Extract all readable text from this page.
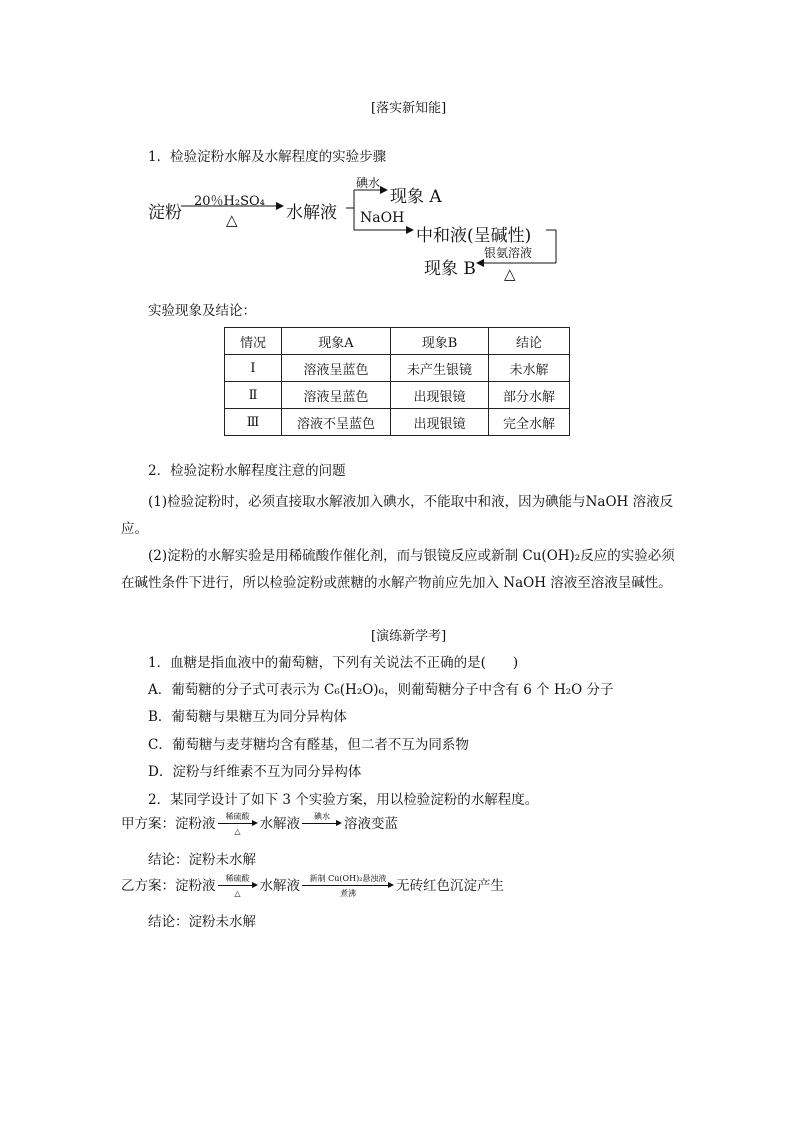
[落实新知能]
1．检验淀粉水解及水解程度的实验步骤
淀粉
20％H₂SO₄
△	水解液
碘水
现象 A
NaOH
中和液(呈碱性)
银氨溶液
现象 B △
实验现象及结论：
情况	现象A	现象B	结论
Ⅰ	溶液呈蓝色	未产生银镜	未水解
Ⅱ	溶液呈蓝色	出现银镜	部分水解
Ⅲ	溶液不呈蓝色	出现银镜	完全水解
2．检验淀粉水解程度注意的问题
(1)检验淀粉时，必须直接取水解液加入碘水，不能取中和液，因为碘能与NaOH 溶液反应。
(2)淀粉的水解实验是用稀硫酸作催化剂，而与银镜反应或新制 Cu(OH)₂反应的实验必须在碱性条件下进行，所以检验淀粉或蔗糖的水解产物前应先加入 NaOH 溶液至溶液呈碱性。
[演练新学考]
1．血糖是指血液中的葡萄糖，下列有关说法不正确的是(　　)
A．葡萄糖的分子式可表示为 C₆(H₂O)₆，则葡萄糖分子中含有 6 个 H₂O 分子
B．葡萄糖与果糖互为同分异构体
C．葡萄糖与麦芽糖均含有醛基，但二者不互为同系物
D．淀粉与纤维素不互为同分异构体
2．某同学设计了如下 3 个实验方案，用以检验淀粉的水解程度。
甲方案：淀粉液 稀硫酸
△ 水解液 碘水 溶液变蓝
结论：淀粉未水解
乙方案：淀粉液 稀硫酸
△ 水解液 新制 Cu(OH)₂悬浊液
煮沸	无砖红色沉淀产生
结论：淀粉未水解
